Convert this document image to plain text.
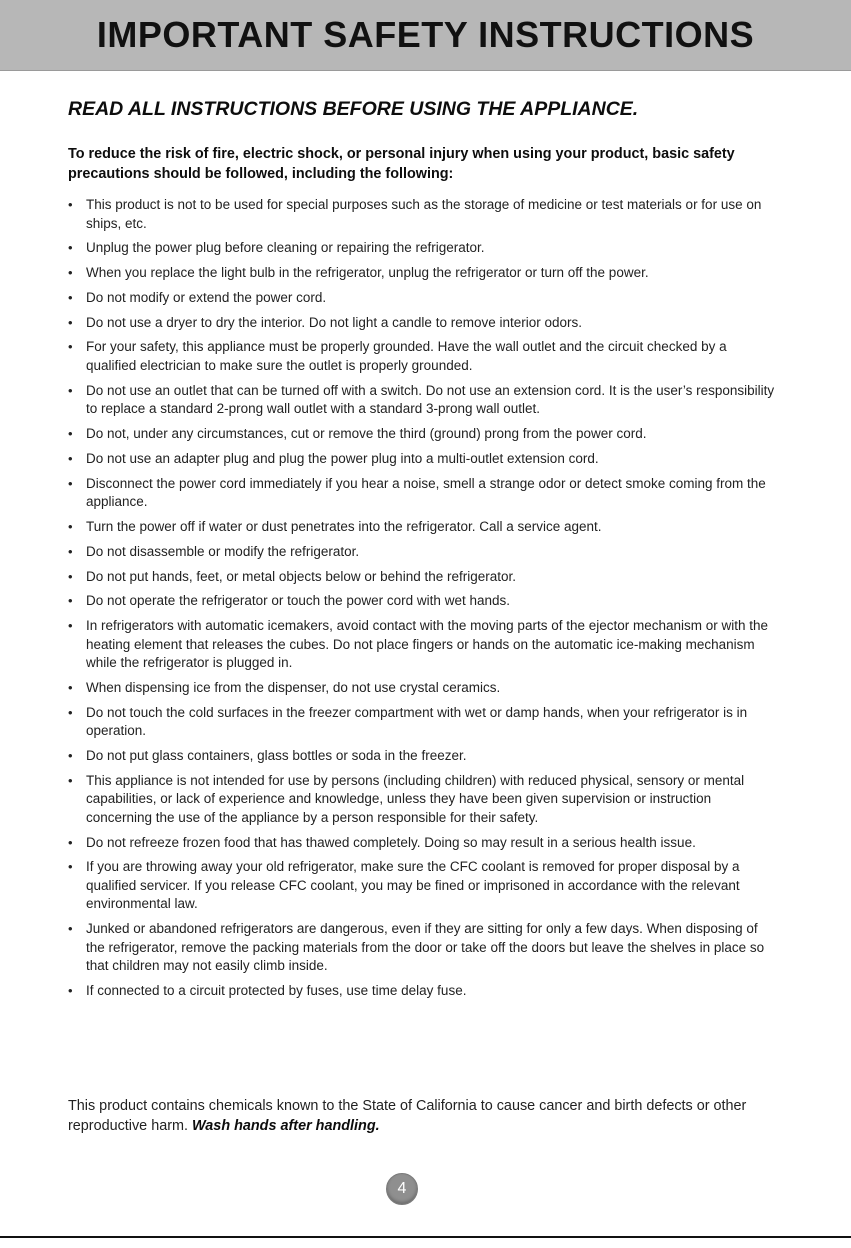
IMPORTANT SAFETY INSTRUCTIONS
READ ALL INSTRUCTIONS BEFORE USING THE APPLIANCE.
To reduce the risk of fire, electric shock, or personal injury when using your product, basic safety precautions should be followed, including the following:
• This product is not to be used for special purposes such as the storage of medicine or test materials or for use on ships, etc.
• Unplug the power plug before cleaning or repairing the refrigerator.
• When you replace the light bulb in the refrigerator, unplug the refrigerator or turn off the power.
• Do not modify or extend the power cord.
• Do not use a dryer to dry the interior. Do not light a candle to remove interior odors.
• For your safety, this appliance must be properly grounded. Have the wall outlet and the circuit checked by a qualified electrician to make sure the outlet is properly grounded.
• Do not use an outlet that can be turned off with a switch. Do not use an extension cord. It is the user’s responsibility to replace a standard 2-prong wall outlet with a standard 3-prong wall outlet.
• Do not, under any circumstances, cut or remove the third (ground) prong from the power cord.
• Do not use an adapter plug and plug the power plug into a multi-outlet extension cord.
• Disconnect the power cord immediately if you hear a noise, smell a strange odor or detect smoke coming from the appliance.
• Turn the power off if water or dust penetrates into the refrigerator. Call a service agent.
• Do not disassemble or modify the refrigerator.
• Do not put hands, feet, or metal objects below or behind the refrigerator.
• Do not operate the refrigerator or touch the power cord with wet hands.
• In refrigerators with automatic icemakers, avoid contact with the moving parts of the ejector mechanism or with the heating element that releases the cubes. Do not place fingers or hands on the automatic ice-making mechanism while the refrigerator is plugged in.
• When dispensing ice from the dispenser, do not use crystal ceramics.
• Do not touch the cold surfaces in the freezer compartment with wet or damp hands, when your refrigerator is in operation.
• Do not put glass containers, glass bottles or soda in the freezer.
• This appliance is not intended for use by persons (including children) with reduced physical, sensory or mental capabilities, or lack of experience and knowledge, unless they have been given supervision or instruction concerning the use of the appliance by a person responsible for their safety.
• Do not refreeze frozen food that has thawed completely. Doing so may result in a serious health issue.
• If you are throwing away your old refrigerator, make sure the CFC coolant is removed for proper disposal by a qualified servicer. If you release CFC coolant, you may be fined or imprisoned in accordance with the relevant environmental law.
• Junked or abandoned refrigerators are dangerous, even if they are sitting for only a few days. When disposing of the refrigerator, remove the packing materials from the door or take off the doors but leave the shelves in place so that children may not easily climb inside.
• If connected to a circuit protected by fuses, use time delay fuse.
This product contains chemicals known to the State of California to cause cancer and birth defects or other reproductive harm. Wash hands after handling.
4
